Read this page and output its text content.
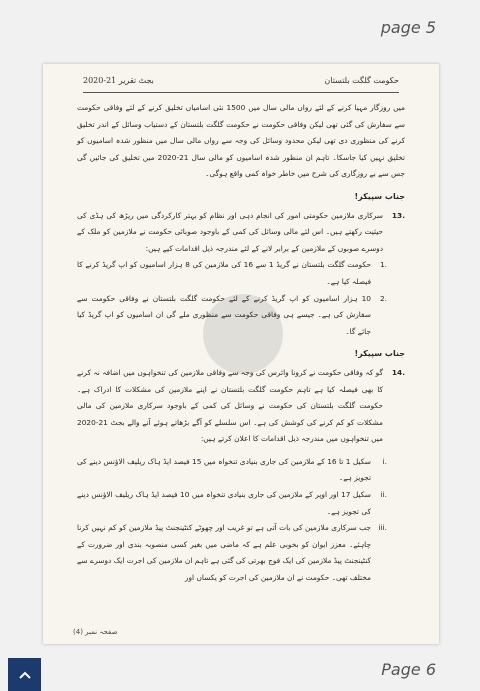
page 5
حکومت گلگت بلتستان
بجٹ تقریر 21-2020

میں روزگار مہیا کرنے کے لئے رواں مالی سال میں 1500 نئی اسامیاں تخلیق کرنے کے لئے وفاقی حکومت سے سفارش کی گئی تھی لیکن وفاقی حکومت نے حکومت گلگت بلتستان کے دستیاب وسائل کے اندر تخلیق کرنے کی منظوری دی تھی لیکن محدود وسائل کی وجہ سے رواں مالی سال میں منظور شدہ اسامیوں کو تخلیق نہیں کیا جاسکا۔ تاہم ان منظور شدہ اسامیوں کو مالی سال 21-2020 میں تخلیق کی جائیں گی جس سے بے روزگاری کی شرح میں خاطر خواہ کمی واقع ہوگی۔

جناب سپیکر!

13.
سرکاری ملازمین حکومتی امور کی انجام دہی اور نظام کو بہتر کارکردگی میں ریڑھ کی ہڈی کی حیثیت رکھتے ہیں۔ اس لئے مالی وسائل کی کمی کے باوجود صوبائی حکومت نے ملازمین کو ملک کے دوسرے صوبوں کے ملازمین کے برابر لانے کے لئے مندرجہ ذیل اقدامات کیے ہیں:

1.
حکومت گلگت بلتستان نے گریڈ 1 سے 16 کی ملازمین کی 8 ہزار اسامیوں کو اپ گریڈ کرنے کا فیصلہ کیا ہے۔

2.
10 ہزار اسامیوں کو اپ گریڈ کرنے کے لئے حکومت گلگت بلتستان نے وفاقی حکومت سے سفارش کی ہے۔ جیسے ہی وفاقی حکومت سے منظوری ملے گی ان اسامیوں کو اپ گریڈ کیا جائے گا۔

جناب سپیکر!

14.
گو کہ وفاقی حکومت نے کرونا وائرس کی وجہ سے وفاقی ملازمین کی تنخواہوں میں اضافہ نہ کرنے کا بھی فیصلہ کیا ہے تاہم حکومت گلگت بلتستان نے اپنے ملازمین کی مشکلات کا ادراک ہے۔ حکومت گلگت بلتستان کی حکومت نے وسائل کی کمی کے باوجود سرکاری ملازمین کی مالی مشکلات کو کم کرنے کی کوشش کی ہے۔ اس سلسلے کو آگے بڑھاتے ہوئے آنے والے بجٹ 21-2020 میں تنخواہوں میں مندرجہ ذیل اقدامات کا اعلان کرتے ہیں:

i.
سکیل 1 تا 16 کے ملازمین کی جاری بنیادی تنخواہ میں 15 فیصد ایڈ ہاک ریلیف الاؤنس دینے کی تجویز ہے۔

ii.
سکیل 17 اور اوپر کے ملازمین کی جاری بنیادی تنخواہ میں 10 فیصد ایڈ ہاک ریلیف الاؤنس دینے کی تجویز ہے۔

iii.
جب سرکاری ملازمین کی بات آتی ہے تو غریب اور چھوٹے کنٹینجنٹ پیڈ ملازمین کو کم نہیں کرنا چاہئے۔ معزز ایوان کو بخوبی علم ہے کہ ماضی میں بغیر کسی منصوبہ بندی اور ضرورت کے کنٹینجنٹ پیڈ ملازمین کی ایک فوج بھرتی کی گئی ہے تاہم ان ملازمین کی اجرت ایک دوسرے سے مختلف تھی۔ حکومت نے ان ملازمین کی اجرت کو یکساں اور

صفحہ نمبر (4)
Page 6
